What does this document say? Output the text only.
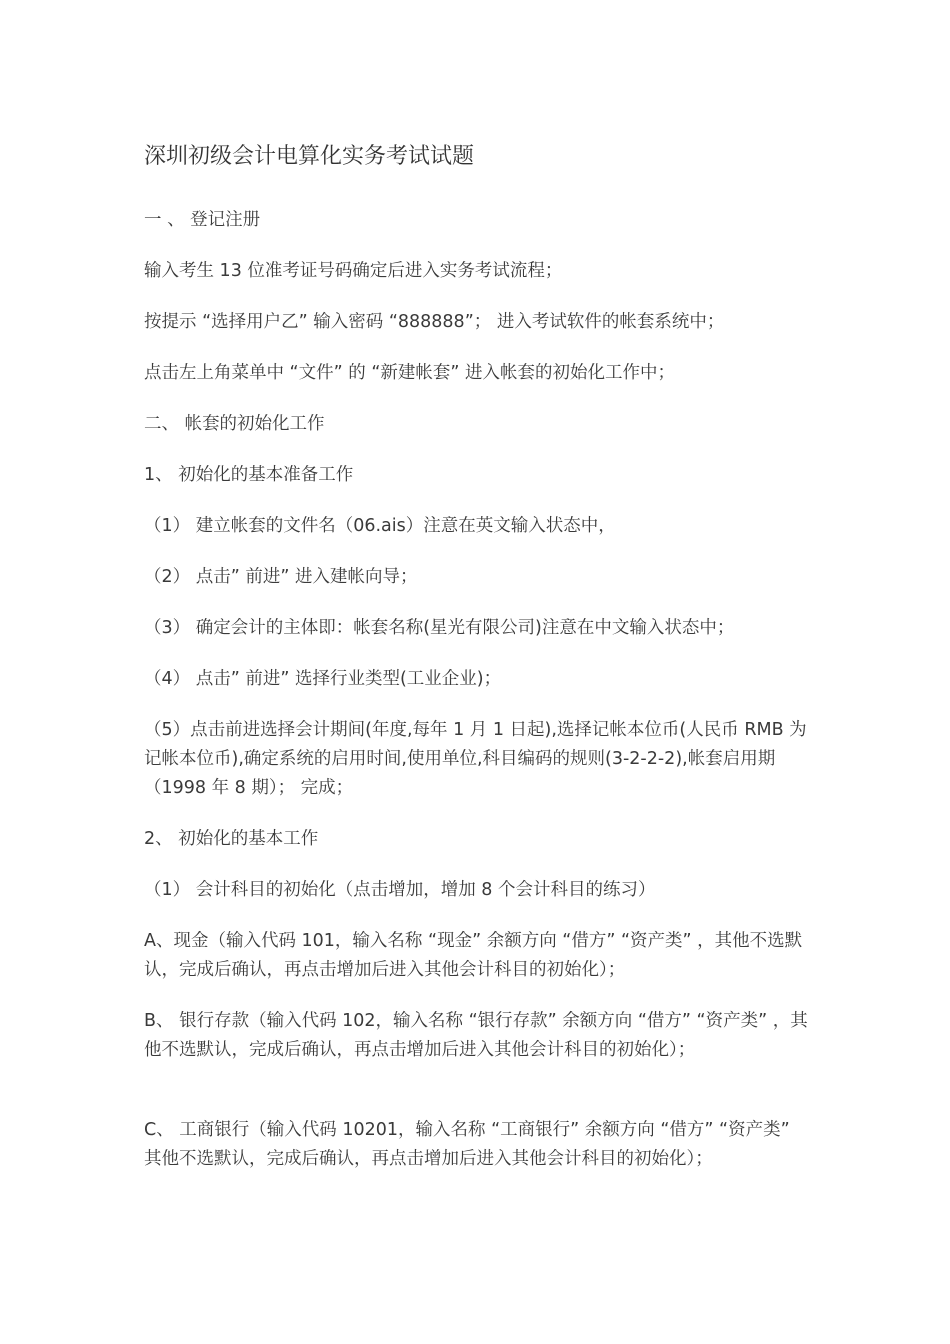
深圳初级会计电算化实务考试试题

一 、 登记注册

输入考生 13 位准考证号码确定后进入实务考试流程；

按提示 “选择用户乙” 输入密码 “888888”； 进入考试软件的帐套系统中；

点击左上角菜单中 “文件” 的 “新建帐套” 进入帐套的初始化工作中；

二、 帐套的初始化工作

1、 初始化的基本准备工作

（1） 建立帐套的文件名（06.ais）注意在英文输入状态中，

（2） 点击” 前进” 进入建帐向导；

（3） 确定会计的主体即：帐套名称(星光有限公司)注意在中文输入状态中；

（4） 点击” 前进” 选择行业类型(工业企业)；

（5）点击前进选择会计期间(年度,每年 1 月 1 日起),选择记帐本位币(人民币 RMB 为记帐本位币),确定系统的启用时间,使用单位,科目编码的规则(3-2-2-2),帐套启用期（1998 年 8 期）； 完成；

2、 初始化的基本工作

（1） 会计科目的初始化（点击增加，增加 8 个会计科目的练习）

A、现金（输入代码 101，输入名称 “现金” 余额方向 “借方” “资产类” ，其他不选默认，完成后确认，再点击增加后进入其他会计科目的初始化）；

B、 银行存款（输入代码 102，输入名称 “银行存款” 余额方向 “借方” “资产类” ，其他不选默认，完成后确认，再点击增加后进入其他会计科目的初始化）；

C、 工商银行（输入代码 10201，输入名称 “工商银行” 余额方向 “借方” “资产类” 其他不选默认，完成后确认，再点击增加后进入其他会计科目的初始化）；
